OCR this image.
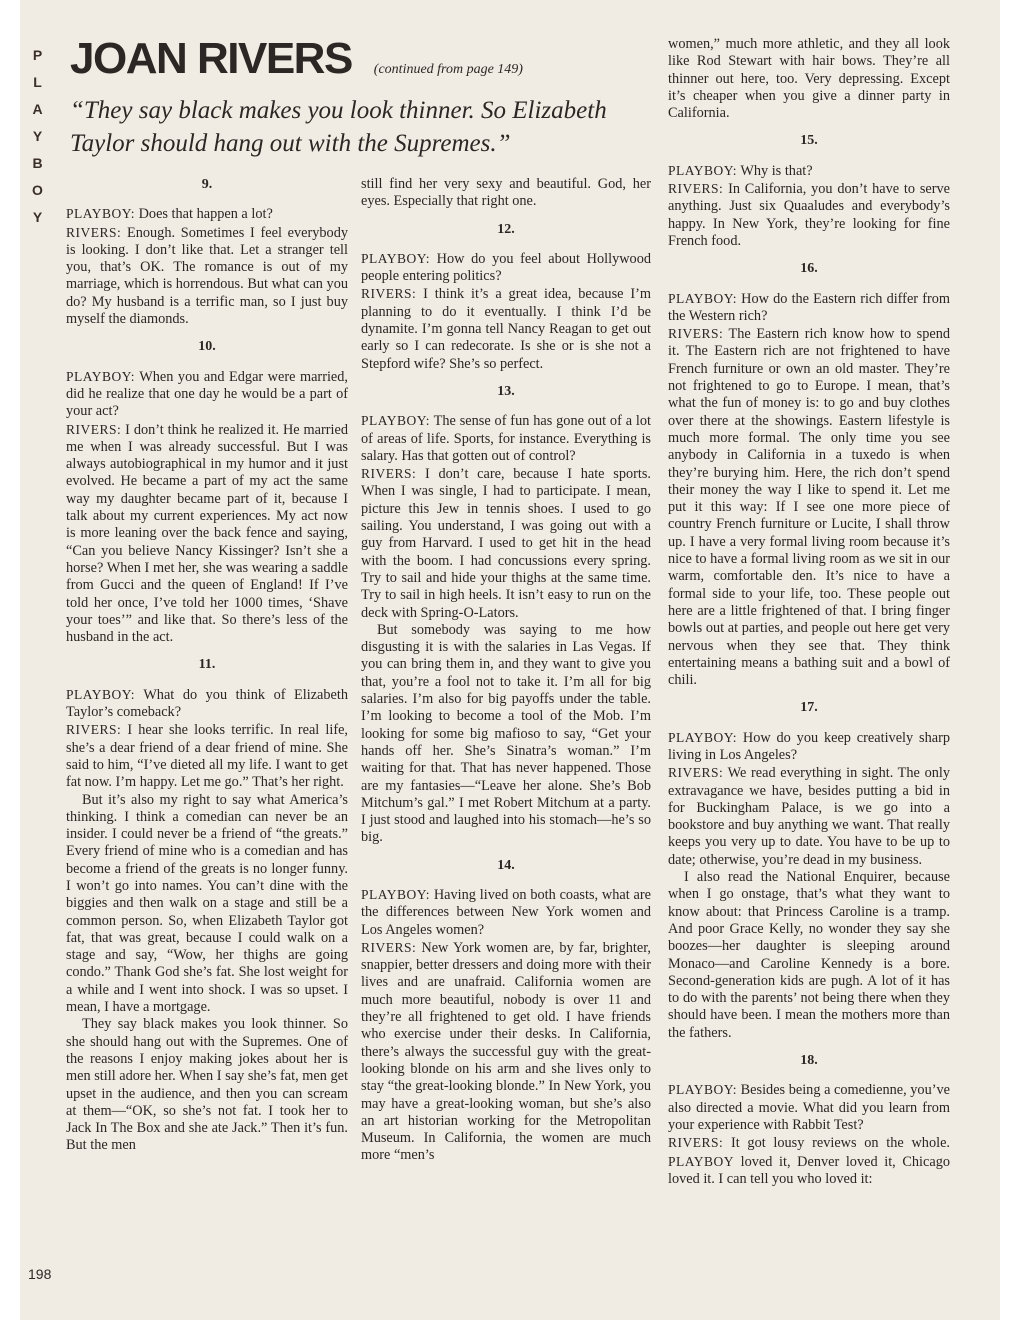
P
L
A
Y
B
O
Y
JOAN RIVERS (continued from page 149)
“They say black makes you look thinner. So Elizabeth Taylor should hang out with the Supremes.”
9.

PLAYBOY: Does that happen a lot?

RIVERS: Enough. Sometimes I feel everybody is looking. I don’t like that. Let a stranger tell you, that’s OK. The romance is out of my marriage, which is horrendous. But what can you do? My husband is a terrific man, so I just buy myself the diamonds.

10.

PLAYBOY: When you and Edgar were married, did he realize that one day he would be a part of your act?

RIVERS: I don’t think he realized it. He married me when I was already successful. But I was always autobiographical in my humor and it just evolved. He became a part of my act the same way my daughter became part of it, because I talk about my current experiences. My act now is more leaning over the back fence and saying, “Can you believe Nancy Kissinger? Isn’t she a horse? When I met her, she was wearing a saddle from Gucci and the queen of England! If I’ve told her once, I’ve told her 1000 times, ‘Shave your toes’” and like that. So there’s less of the husband in the act.

11.

PLAYBOY: What do you think of Elizabeth Taylor’s comeback?

RIVERS: I hear she looks terrific. In real life, she’s a dear friend of a dear friend of mine. She said to him, “I’ve dieted all my life. I want to get fat now. I’m happy. Let me go.” That’s her right.

But it’s also my right to say what America’s thinking. I think a comedian can never be an insider. I could never be a friend of “the greats.” Every friend of mine who is a comedian and has become a friend of the greats is no longer funny. I won’t go into names. You can’t dine with the biggies and then walk on a stage and still be a common person. So, when Elizabeth Taylor got fat, that was great, because I could walk on a stage and say, “Wow, her thighs are going condo.” Thank God she’s fat. She lost weight for a while and I went into shock. I was so upset. I mean, I have a mortgage.

They say black makes you look thinner. So she should hang out with the Supremes. One of the reasons I enjoy making jokes about her is men still adore her. When I say she’s fat, men get upset in the audience, and then you can scream at them—“OK, so she’s not fat. I took her to Jack In The Box and she ate Jack.” Then it’s fun. But the men

still find her very sexy and beautiful. God, her eyes. Especially that right one.

12.

PLAYBOY: How do you feel about Hollywood people entering politics?

RIVERS: I think it’s a great idea, because I’m planning to do it eventually. I think I’d be dynamite. I’m gonna tell Nancy Reagan to get out early so I can redecorate. Is she or is she not a Stepford wife? She’s so perfect.

13.

PLAYBOY: The sense of fun has gone out of a lot of areas of life. Sports, for instance. Everything is salary. Has that gotten out of control?

RIVERS: I don’t care, because I hate sports. When I was single, I had to participate. I mean, picture this Jew in tennis shoes. I used to go sailing. You understand, I was going out with a guy from Harvard. I used to get hit in the head with the boom. I had concussions every spring. Try to sail and hide your thighs at the same time. Try to sail in high heels. It isn’t easy to run on the deck with Spring-O-Lators.

But somebody was saying to me how disgusting it is with the salaries in Las Vegas. If you can bring them in, and they want to give you that, you’re a fool not to take it. I’m all for big salaries. I’m also for big payoffs under the table. I’m looking to become a tool of the Mob. I’m looking for some big mafioso to say, “Get your hands off her. She’s Sinatra’s woman.” I’m waiting for that. That has never happened. Those are my fantasies—“Leave her alone. She’s Bob Mitchum’s gal.” I met Robert Mitchum at a party. I just stood and laughed into his stomach—he’s so big.

14.

PLAYBOY: Having lived on both coasts, what are the differences between New York women and Los Angeles women?

RIVERS: New York women are, by far, brighter, snappier, better dressers and doing more with their lives and are unafraid. California women are much more beautiful, nobody is over 11 and they’re all frightened to get old. I have friends who exercise under their desks. In California, there’s always the successful guy with the great-looking blonde on his arm and she lives only to stay “the great-looking blonde.” In New York, you may have a great-looking woman, but she’s also an art historian working for the Metropolitan Museum. In California, the women are much more “men’s

women,” much more athletic, and they all look like Rod Stewart with hair bows. They’re all thinner out here, too. Very depressing. Except it’s cheaper when you give a dinner party in California.

15.

PLAYBOY: Why is that?

RIVERS: In California, you don’t have to serve anything. Just six Quaaludes and everybody’s happy. In New York, they’re looking for fine French food.

16.

PLAYBOY: How do the Eastern rich differ from the Western rich?

RIVERS: The Eastern rich know how to spend it. The Eastern rich are not frightened to have French furniture or own an old master. They’re not frightened to go to Europe. I mean, that’s what the fun of money is: to go and buy clothes over there at the showings. Eastern lifestyle is much more formal. The only time you see anybody in California in a tuxedo is when they’re burying him. Here, the rich don’t spend their money the way I like to spend it. Let me put it this way: If I see one more piece of country French furniture or Lucite, I shall throw up. I have a very formal living room because it’s nice to have a formal living room as we sit in our warm, comfortable den. It’s nice to have a formal side to your life, too. These people out here are a little frightened of that. I bring finger bowls out at parties, and people out here get very nervous when they see that. They think entertaining means a bathing suit and a bowl of chili.

17.

PLAYBOY: How do you keep creatively sharp living in Los Angeles?

RIVERS: We read everything in sight. The only extravagance we have, besides putting a bid in for Buckingham Palace, is we go into a bookstore and buy anything we want. That really keeps you very up to date. You have to be up to date; otherwise, you’re dead in my business.

I also read the National Enquirer, because when I go onstage, that’s what they want to know about: that Princess Caroline is a tramp. And poor Grace Kelly, no wonder they say she boozes—her daughter is sleeping around Monaco—and Caroline Kennedy is a bore. Second-generation kids are pugh. A lot of it has to do with the parents’ not being there when they should have been. I mean the mothers more than the fathers.

18.

PLAYBOY: Besides being a comedienne, you’ve also directed a movie. What did you learn from your experience with Rabbit Test?

RIVERS: It got lousy reviews on the whole. PLAYBOY loved it, Denver loved it, Chicago loved it. I can tell you who loved it:

198
